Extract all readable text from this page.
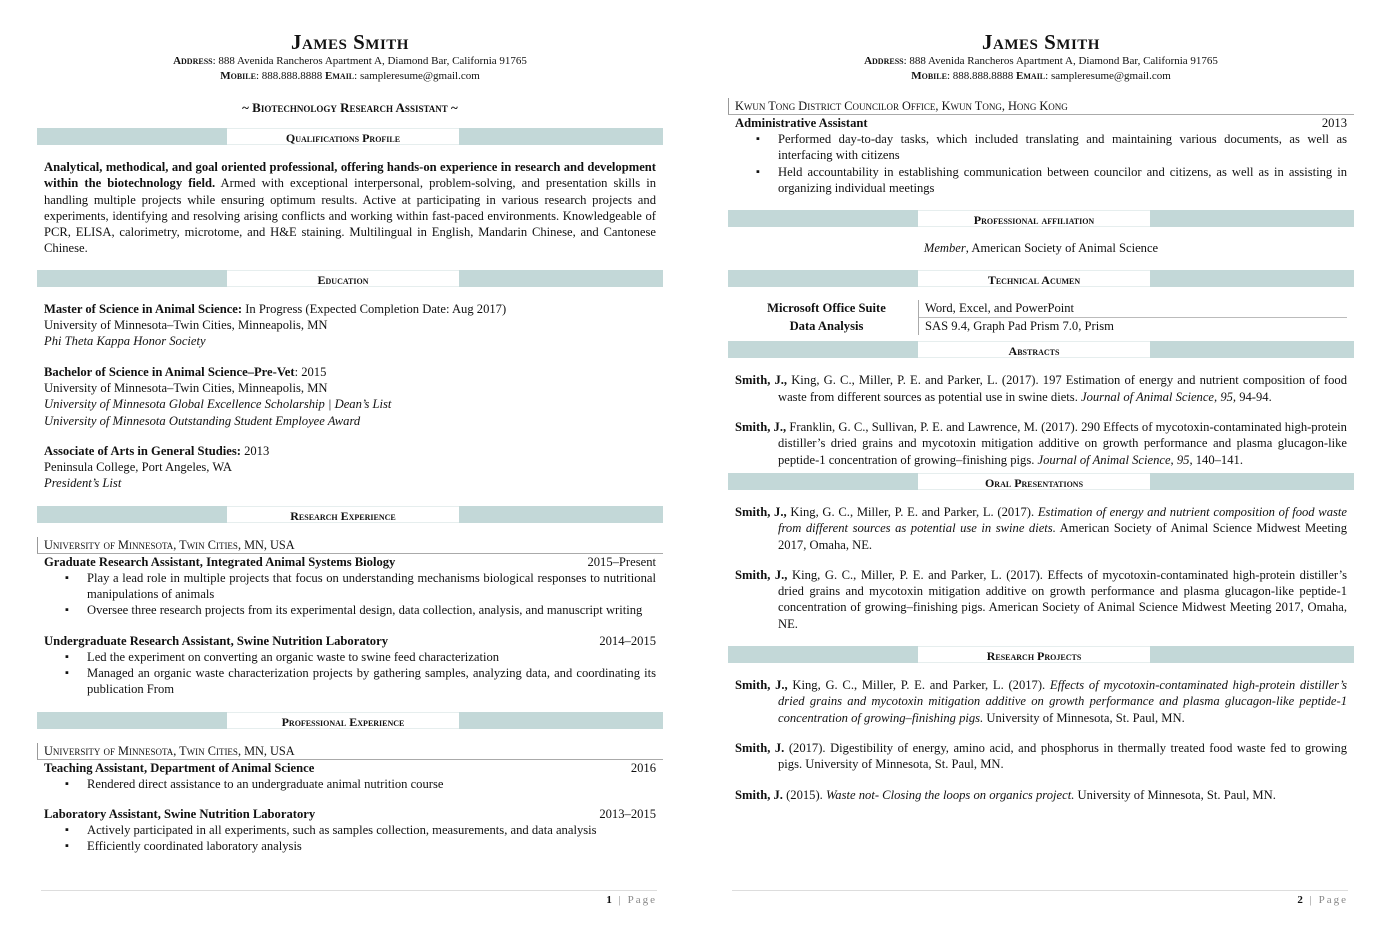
James Smith
Address: 888 Avenida Rancheros Apartment A, Diamond Bar, California 91765
Mobile: 888.888.8888 Email: sampleresume@gmail.com
~ Biotechnology Research Assistant ~
Qualifications Profile
Analytical, methodical, and goal oriented professional, offering hands-on experience in research and development within the biotechnology field. Armed with exceptional interpersonal, problem-solving, and presentation skills in handling multiple projects while ensuring optimum results. Active at participating in various research projects and experiments, identifying and resolving arising conflicts and working within fast-paced environments. Knowledgeable of PCR, ELISA, calorimetry, microtome, and H&E staining. Multilingual in English, Mandarin Chinese, and Cantonese Chinese.
Education
Master of Science in Animal Science: In Progress (Expected Completion Date: Aug 2017)
University of Minnesota–Twin Cities, Minneapolis, MN
Phi Theta Kappa Honor Society
Bachelor of Science in Animal Science–Pre-Vet: 2015
University of Minnesota–Twin Cities, Minneapolis, MN
University of Minnesota Global Excellence Scholarship | Dean’s List
University of Minnesota Outstanding Student Employee Award
Associate of Arts in General Studies: 2013
Peninsula College, Port Angeles, WA
President’s List
Research Experience
University of Minnesota, Twin Cities, MN, USA
Graduate Research Assistant, Integrated Animal Systems Biology	2015–Present
▪ Play a lead role in multiple projects that focus on understanding mechanisms biological responses to nutritional manipulations of animals
▪ Oversee three research projects from its experimental design, data collection, analysis, and manuscript writing
Undergraduate Research Assistant, Swine Nutrition Laboratory	2014–2015
▪ Led the experiment on converting an organic waste to swine feed characterization
▪ Managed an organic waste characterization projects by gathering samples, analyzing data, and coordinating its publication From
Professional Experience
University of Minnesota, Twin Cities, MN, USA
Teaching Assistant, Department of Animal Science	2016
▪ Rendered direct assistance to an undergraduate animal nutrition course
Laboratory Assistant, Swine Nutrition Laboratory	2013–2015
▪ Actively participated in all experiments, such as samples collection, measurements, and data analysis
▪ Efficiently coordinated laboratory analysis
1 | Page
James Smith
Address: 888 Avenida Rancheros Apartment A, Diamond Bar, California 91765
Mobile: 888.888.8888 Email: sampleresume@gmail.com
Kwun Tong District Councilor Office, Kwun Tong, Hong Kong
Administrative Assistant	2013
▪ Performed day-to-day tasks, which included translating and maintaining various documents, as well as interfacing with citizens
▪ Held accountability in establishing communication between councilor and citizens, as well as in assisting in organizing individual meetings
Professional affiliation
Member, American Society of Animal Science
Technical Acumen
Microsoft Office Suite	Word, Excel, and PowerPoint
Data Analysis	SAS 9.4, Graph Pad Prism 7.0, Prism
Abstracts
Smith, J., King, G. C., Miller, P. E. and Parker, L. (2017). 197 Estimation of energy and nutrient composition of food waste from different sources as potential use in swine diets. Journal of Animal Science, 95, 94-94.
Smith, J., Franklin, G. C., Sullivan, P. E. and Lawrence, M. (2017). 290 Effects of mycotoxin-contaminated high-protein distiller’s dried grains and mycotoxin mitigation additive on growth performance and plasma glucagon-like peptide-1 concentration of growing–finishing pigs. Journal of Animal Science, 95, 140–141.
Oral Presentations
Smith, J., King, G. C., Miller, P. E. and Parker, L. (2017). Estimation of energy and nutrient composition of food waste from different sources as potential use in swine diets. American Society of Animal Science Midwest Meeting 2017, Omaha, NE.
Smith, J., King, G. C., Miller, P. E. and Parker, L. (2017). Effects of mycotoxin-contaminated high-protein distiller’s dried grains and mycotoxin mitigation additive on growth performance and plasma glucagon-like peptide-1 concentration of growing–finishing pigs. American Society of Animal Science Midwest Meeting 2017, Omaha, NE.
Research Projects
Smith, J., King, G. C., Miller, P. E. and Parker, L. (2017). Effects of mycotoxin-contaminated high-protein distiller’s dried grains and mycotoxin mitigation additive on growth performance and plasma glucagon-like peptide-1 concentration of growing–finishing pigs. University of Minnesota, St. Paul, MN.
Smith, J. (2017). Digestibility of energy, amino acid, and phosphorus in thermally treated food waste fed to growing pigs. University of Minnesota, St. Paul, MN.
Smith, J. (2015). Waste not- Closing the loops on organics project. University of Minnesota, St. Paul, MN.
2 | Page
